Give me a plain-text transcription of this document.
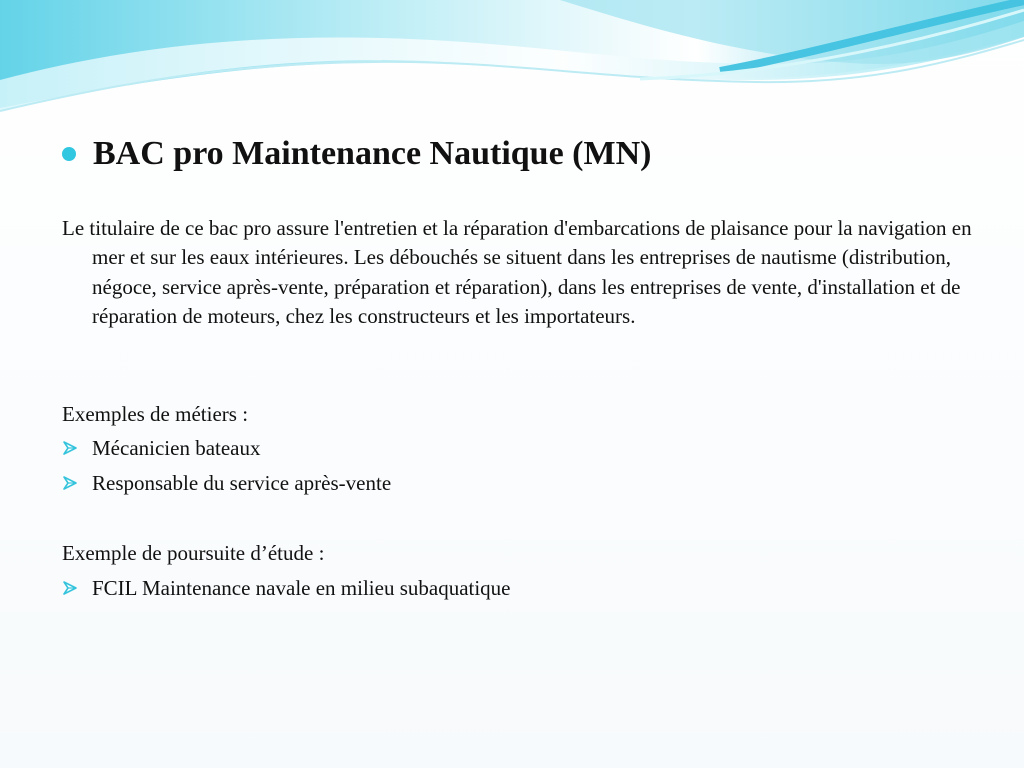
BAC pro Maintenance Nautique (MN)

Le titulaire de ce bac pro assure l'entretien et la réparation d'embarcations de plaisance pour la navigation en mer et sur les eaux intérieures. Les débouchés se situent dans les entreprises de nautisme (distribution, négoce, service après-vente, préparation et réparation), dans les entreprises de vente, d'installation et de réparation de moteurs, chez les constructeurs et les importateurs.

Exemples de métiers :

Mécanicien bateaux
Responsable du service après-vente

Exemple de poursuite d’étude :

FCIL Maintenance navale en milieu subaquatique
